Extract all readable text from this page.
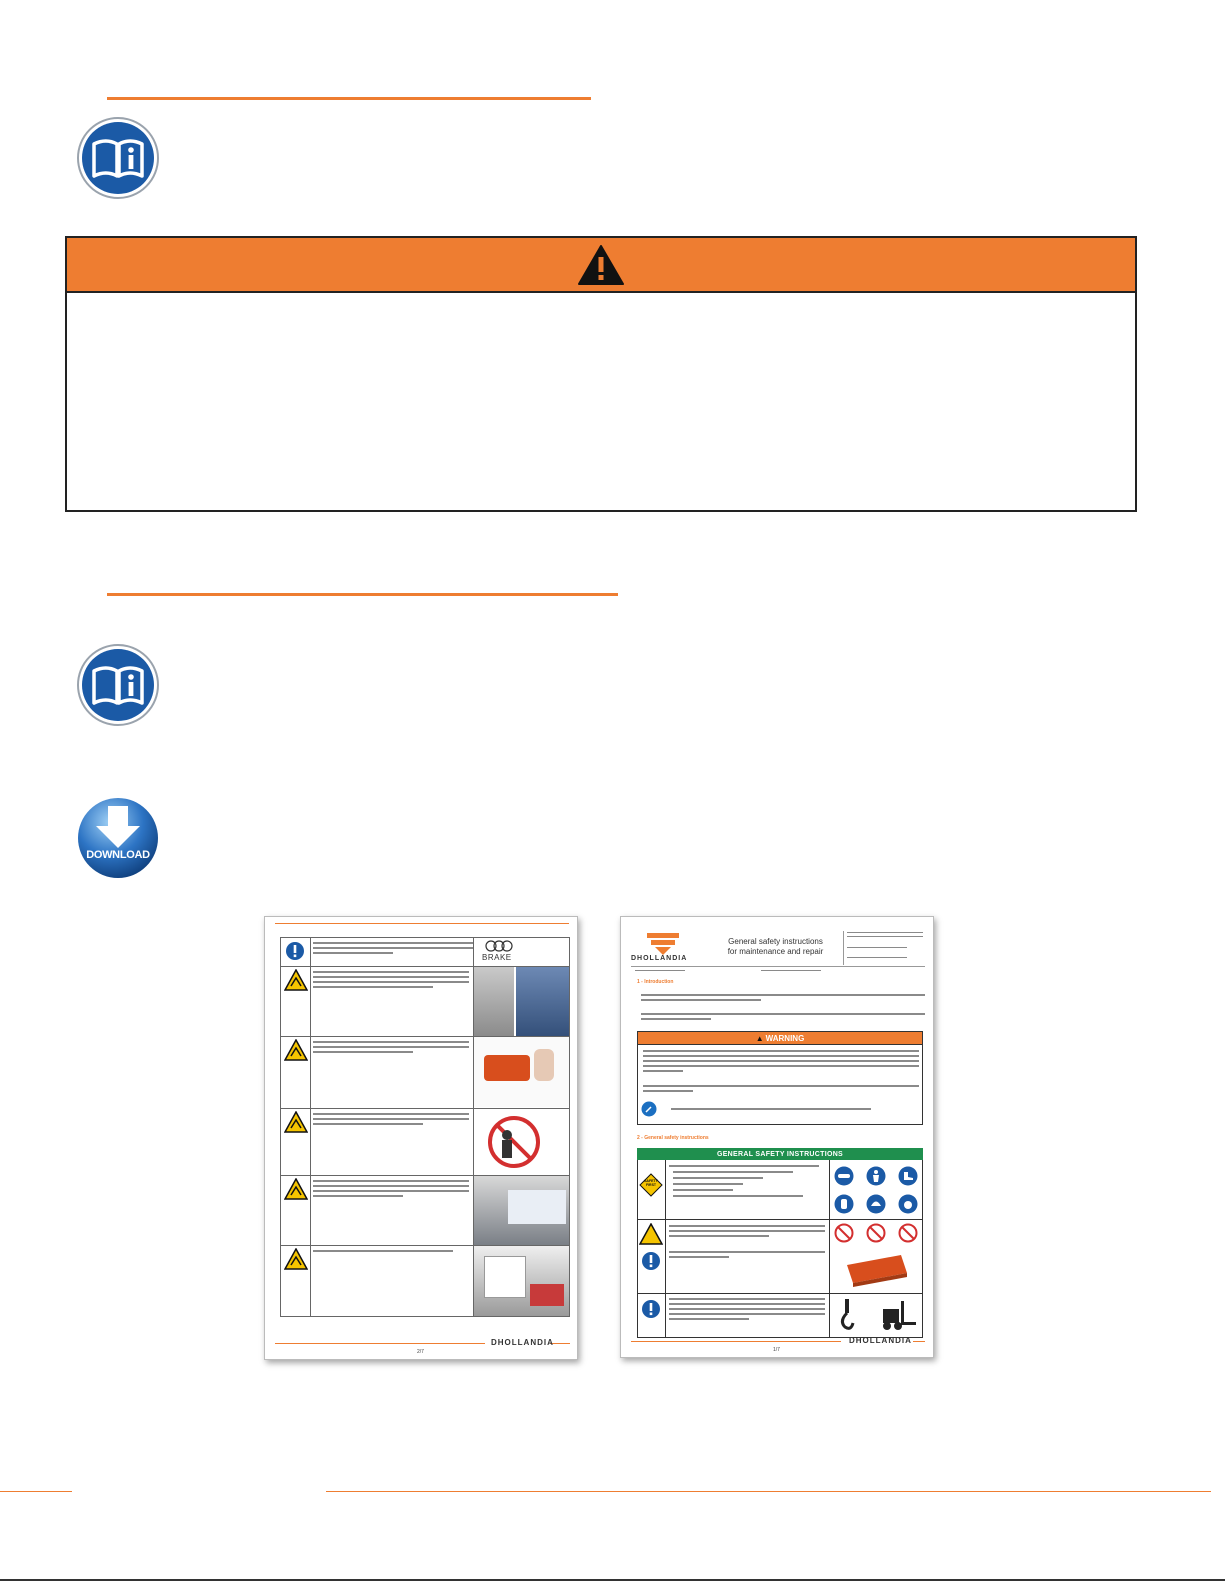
DOWNLOAD
BRAKE
DHOLLANDIA
2/7
DHOLLANDIA
General safety instructions
for maintenance and repair
1 - Introduction
▲ WARNING
2 - General safety instructions
GENERAL SAFETY INSTRUCTIONS
SAFETY FIRST
DHOLLANDIA
1/7
